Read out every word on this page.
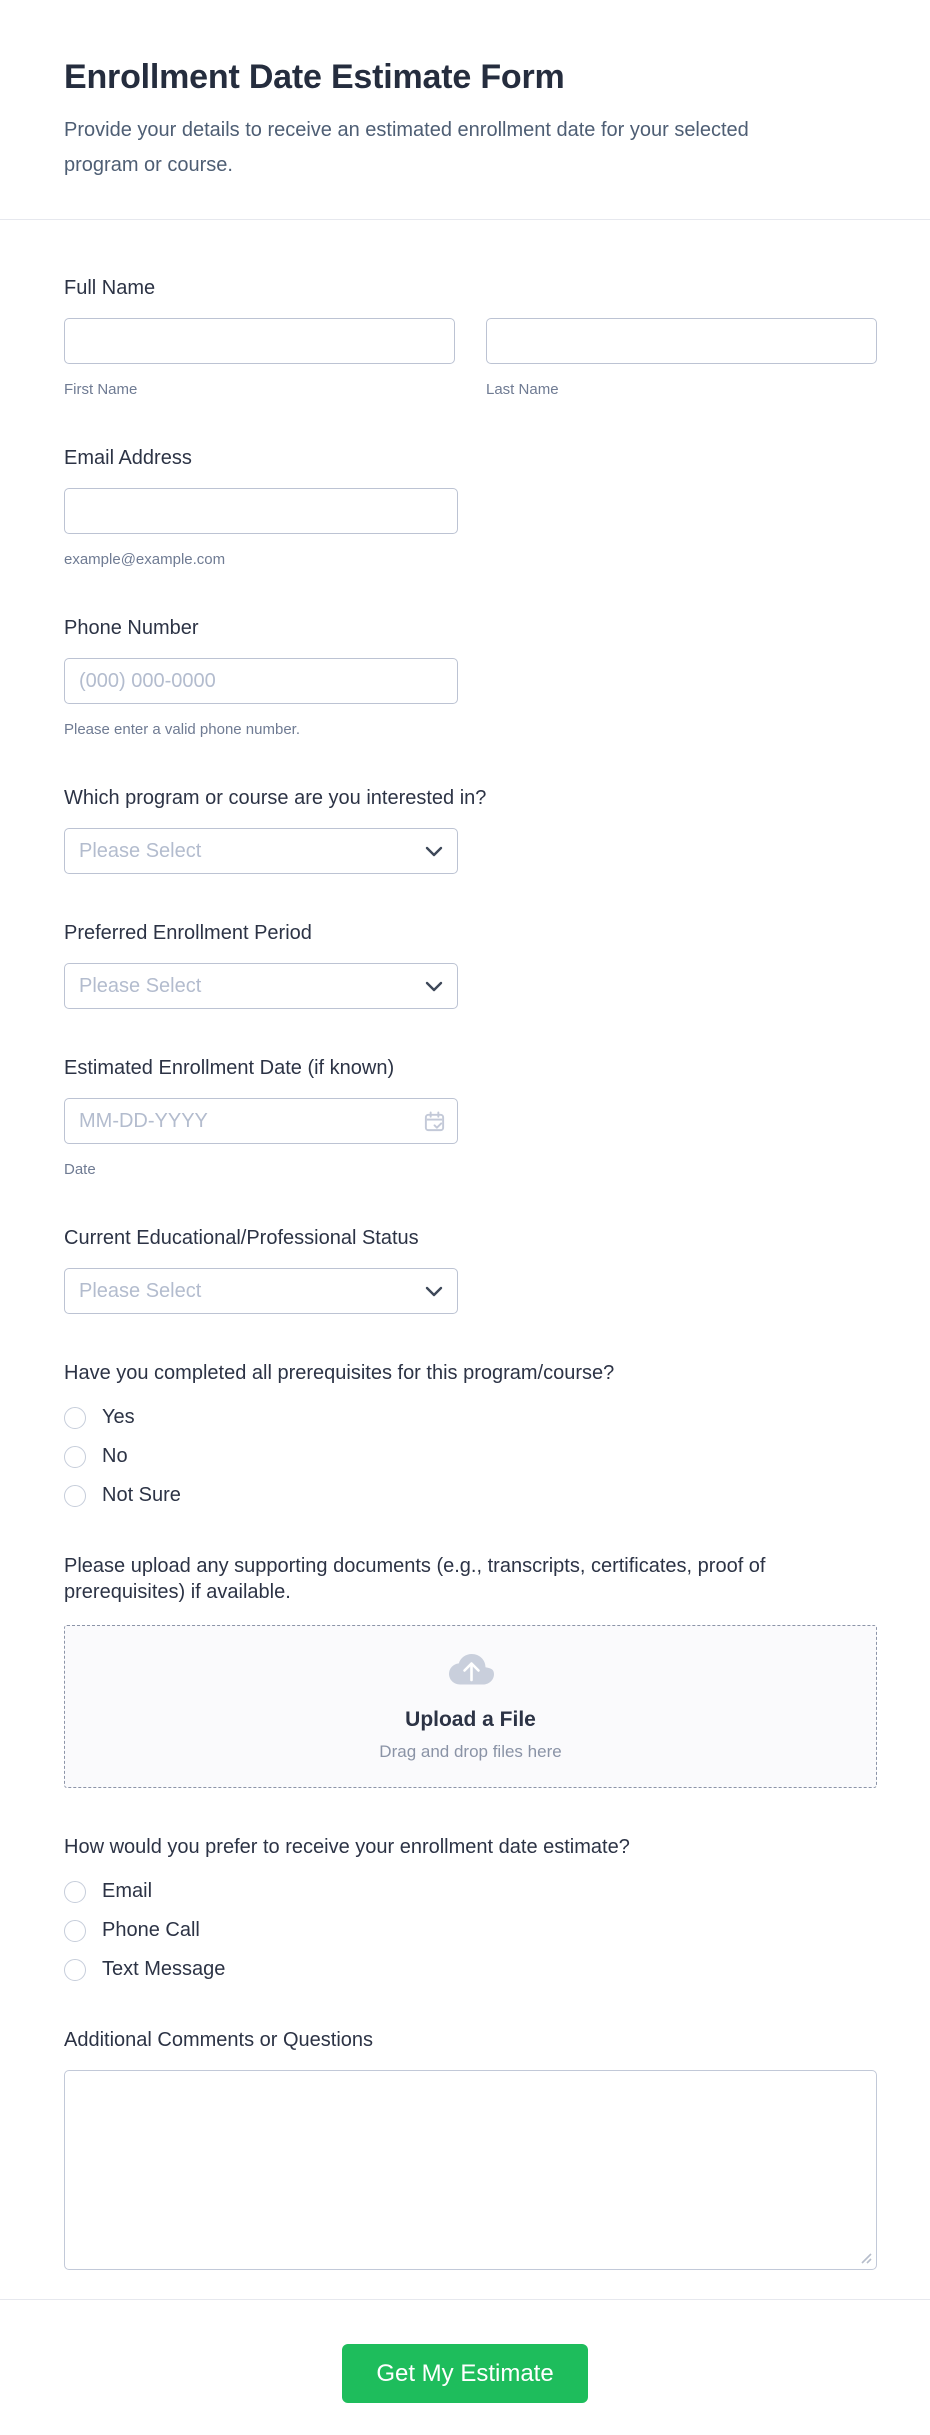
Enrollment Date Estimate Form

Provide your details to receive an estimated enrollment date for your selected program or course.

Full Name
First Name	Last Name
Email Address
example@example.com
Phone Number
(000) 000-0000
Please enter a valid phone number.
Which program or course are you interested in?
Please Select
Preferred Enrollment Period
Please Select
Estimated Enrollment Date (if known)
MM-DD-YYYY
Date
Current Educational/Professional Status
Please Select
Have you completed all prerequisites for this program/course?
Yes
No
Not Sure
Please upload any supporting documents (e.g., transcripts, certificates, proof of prerequisites) if available.
Upload a File
Drag and drop files here
How would you prefer to receive your enrollment date estimate?
Email
Phone Call
Text Message
Additional Comments or Questions
Get My Estimate
